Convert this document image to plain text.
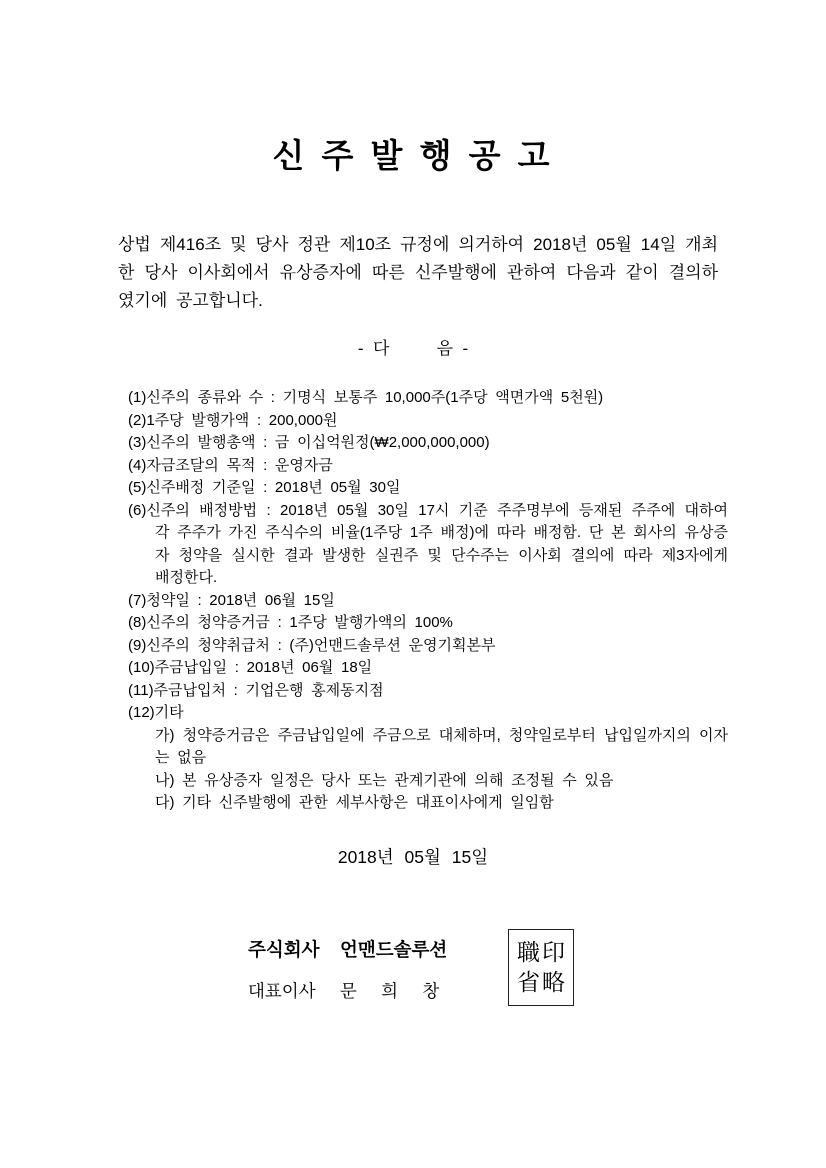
신 주 발 행 공 고

상법 제416조 및 당사 정관 제10조 규정에 의거하여 2018년 05월 14일 개최한 당사 이사회에서 유상증자에 따른 신주발행에 관하여 다음과 같이 결의하였기에 공고합니다.

-  다          음  -
(1)신주의 종류와 수 : 기명식 보통주 10,000주(1주당 액면가액 5천원)
(2)1주당 발행가액 : 200,000원
(3)신주의 발행총액 : 금 이십억원정(₩2,000,000,000)
(4)자금조달의 목적 : 운영자금
(5)신주배정 기준일 : 2018년 05월 30일
(6)신주의 배정방법 : 2018년 05월 30일 17시 기준 주주명부에 등재된 주주에 대하여 각 주주가 가진 주식수의 비율(1주당 1주 배정)에 따라 배정함. 단 본 회사의 유상증자 청약을 실시한 결과 발생한 실권주 및 단수주는 이사회 결의에 따라 제3자에게 배정한다.
(7)청약일 : 2018년 06월 15일
(8)신주의 청약증거금 : 1주당 발행가액의 100%
(9)신주의 청약취급처 : (주)언맨드솔루션 운영기획본부
(10)주금납입일 : 2018년 06월 18일
(11)주금납입처 : 기업은행 홍제동지점
(12)기타
가) 청약증거금은 주금납입일에 주금으로 대체하며, 청약일로부터 납입일까지의 이자는 없음
나) 본 유상증자 일정은 당사 또는 관계기관에 의해 조정될 수 있음
다) 기타 신주발행에 관한 세부사항은 대표이사에게 일임함
2018년 05월 15일
주식회사    언맨드솔루션
대표이사     문     희     창
職印
省略
